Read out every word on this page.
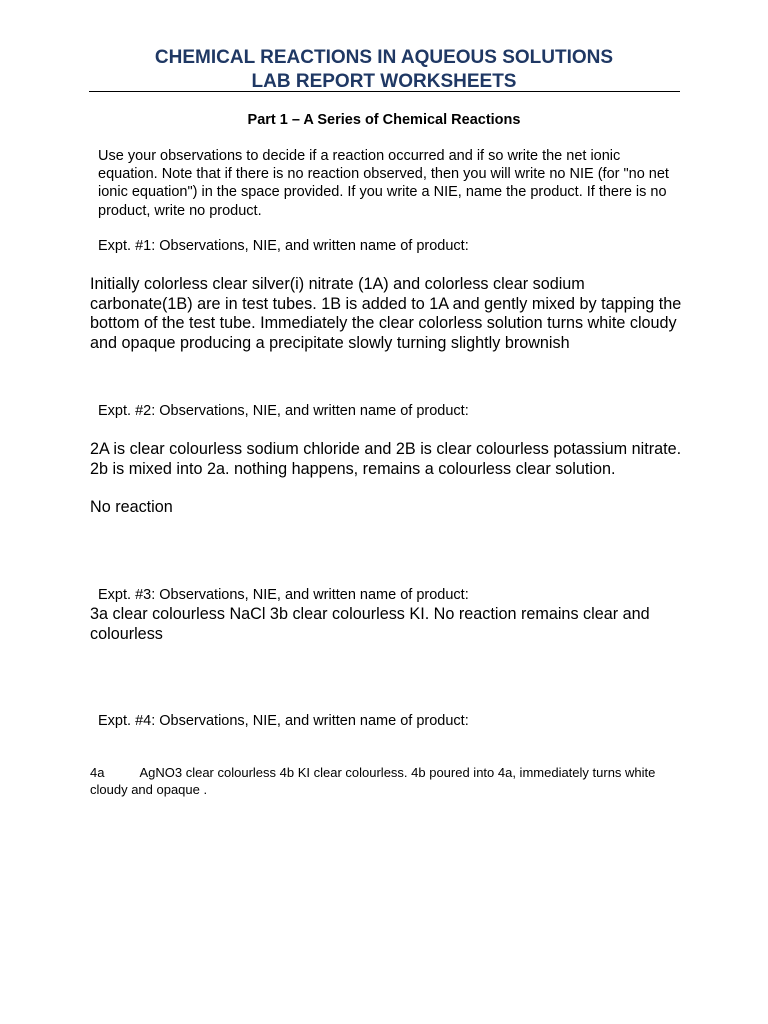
CHEMICAL REACTIONS IN AQUEOUS SOLUTIONS
LAB REPORT WORKSHEETS
Part 1 – A Series of Chemical Reactions

Use your observations to decide if a reaction occurred and if so write the net ionic equation. Note that if there is no reaction observed, then you will write no NIE (for "no net ionic equation") in the space provided. If you write a NIE, name the product. If there is no product, write no product.

Expt. #1: Observations, NIE, and written name of product:

Initially colorless clear silver(i) nitrate (1A) and colorless clear sodium carbonate(1B) are in test tubes. 1B is added to 1A and gently mixed by tapping the bottom of the test tube. Immediately the clear colorless solution turns white cloudy and opaque producing a precipitate slowly turning slightly brownish

Expt. #2: Observations, NIE, and written name of product:

2A is clear colourless sodium chloride and 2B is clear colourless potassium nitrate. 2b is mixed into 2a. nothing happens, remains a colourless clear solution.

No reaction

Expt. #3: Observations, NIE, and written name of product:

3a clear colourless NaCl 3b clear colourless KI. No reaction remains clear and colourless

Expt. #4: Observations, NIE, and written name of product:

4a	AgNO3 clear colourless 4b KI clear colourless. 4b poured into 4a, immediately turns white cloudy and opaque .
